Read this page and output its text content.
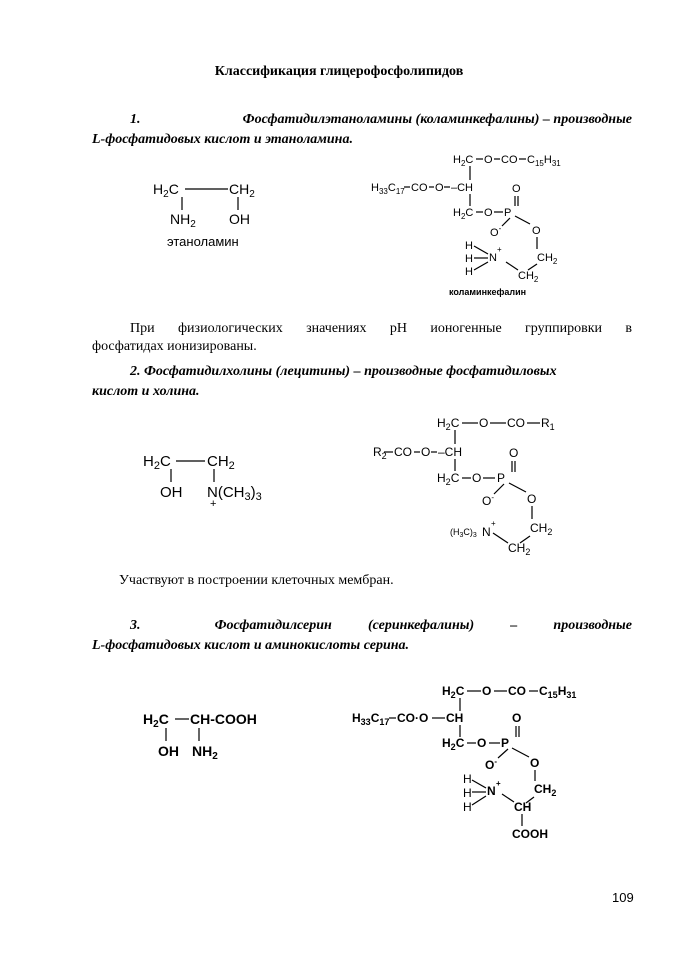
Классификация глицерофосфолипидов
1.	Фосфатидилэтаноламины (коламинкефалины) – производные
L-фосфатидовых кислот и этаноламина.
$H_2C$	$CH_2$
$NH_2$ OH
этаноламин
$H_2C$ O CO $C_{15}H_{31}$
$H_{33}C_{17}$ CO O –CH
$H_2C$ O P
O
O-	O
$CH_2$
$CH_2$
N
+
H
H
H
коламинкефалин
При физиологических значениях pH ионогенные группировки в
фосфатидах ионизированы.
2. Фосфатидилхолины (лецитины) – производные фосфатидиловых
кислот и холина.
$H_2C$ $CH_2$
OH $N(CH_3)_3$
+
$H_2C$ O CO $R_1$
$R_2$ CO O –CH
$H_2C$ O P
O
O-	O
$CH_2$
$CH_2$
$(H_3C)_3$ N
+
Участвуют в построении клеточных мембран.
3.	Фосфатидилсерин	(серинкефалины)	–	производные
L-фосфатидовых кислот и аминокислоты серина.
$H_2C$ CH-COOH
OH $NH_2$
$H_2C$ O CO $C_{15}H_{31}$
$H_{33}C_{17}$ CO·O CH
$H_2C$ O P
O
O-	O
$CH_2$
CH
COOH
N
+
H
H
H
109
